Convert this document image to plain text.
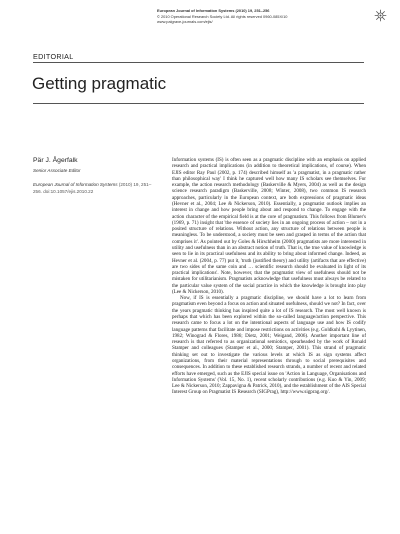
European Journal of Information Systems (2010) 19, 251–256
© 2010 Operational Research Society Ltd. All rights reserved 0960-085X/10
www.palgrave-journals.com/ejis/
EDITORIAL
Getting pragmatic
Pär J. Ågerfalk
Senior Associate Editor
European Journal of Information Systems (2010) 19, 251–256. doi:10.1057/ejis.2010.22

Information systems (IS) is often seen as a pragmatic discipline with an emphasis on applied research and practical implications (in addition to theoretical implications, of course). When EJIS editor Ray Paul (2002, p. 174) described himself as 'a pragmatist, in a pragmatic rather than philosophical way' I think he captured well how many IS scholars see themselves. For example, the action research methodology (Baskerville & Myers, 2004) as well as the design science research paradigm (Baskerville, 2008; Winter, 2008), two common IS research approaches, particularly in the European context, are both expressions of pragmatic ideas (Hevner et al., 2004; Lee & Nickerson, 2010). Essentially, a pragmatist outlook implies an interest in change and how people bring about and respond to change. To engage with the action character of the empirical field is at the core of pragmatism. This follows from Blumer's (1969, p. 71) insight that 'the essence of society lies in an ongoing process of action – not in a posited structure of relations. Without action, any structure of relations between people is meaningless. To be understood, a society must be seen and grasped in terms of the action that comprises it'. As pointed out by Goles & Hirschheim (2000) pragmatists are more interested in utility and usefulness than in an abstract notion of truth. That is, the true value of knowledge is seen to lie in its practical usefulness and its ability to bring about informed change. Indeed, as Hevner et al. (2004, p. 77) put it, 'truth (justified theory) and utility (artifacts that are effective) are two sides of the same coin and … scientific research should be evaluated in light of its practical implications'. Note, however, that the pragmatist view of usefulness should not be mistaken for utilitarianism. Pragmatists acknowledge that usefulness must always be related to the particular value system of the social practice in which the knowledge is brought into play (Lee & Nickerson, 2010).

Now, if IS is essentially a pragmatic discipline, we should have a lot to learn from pragmatism even beyond a focus on action and situated usefulness, should we not? In fact, over the years pragmatic thinking has inspired quite a lot of IS research. The most well known is perhaps that which has been explored within the so-called language/action perspective. This research came to focus a lot on the intentional aspects of language use and how IS codify language patterns that facilitate and impose restrictions on activities (e.g. Goldkuhl & Lyytinen, 1982; Winograd & Flores, 1986; Dietz, 2001; Weigand, 2006). Another important line of research is that referred to as organizational semiotics, spearheaded by the work of Ronald Stamper and colleagues (Stamper et al., 2000; Stamper, 2001). This strand of pragmatic thinking set out to investigate the various levels at which IS as sign systems affect organizations, from their material representations through to social prerequisites and consequences. In addition to these established research strands, a number of recent and related efforts have emerged, such as the EJIS special issue on 'Action in Language, Organisations and Information Systems' (Vol. 15, No. 1), recent scholarly contributions (e.g. Kuo & Yin, 2009; Lee & Nickerson, 2010; Zappavigna & Patrick, 2010), and the establishment of the AIS Special Interest Group on Pragmatist IS Research (SIGPrag), http://www.sigprag.org/.
